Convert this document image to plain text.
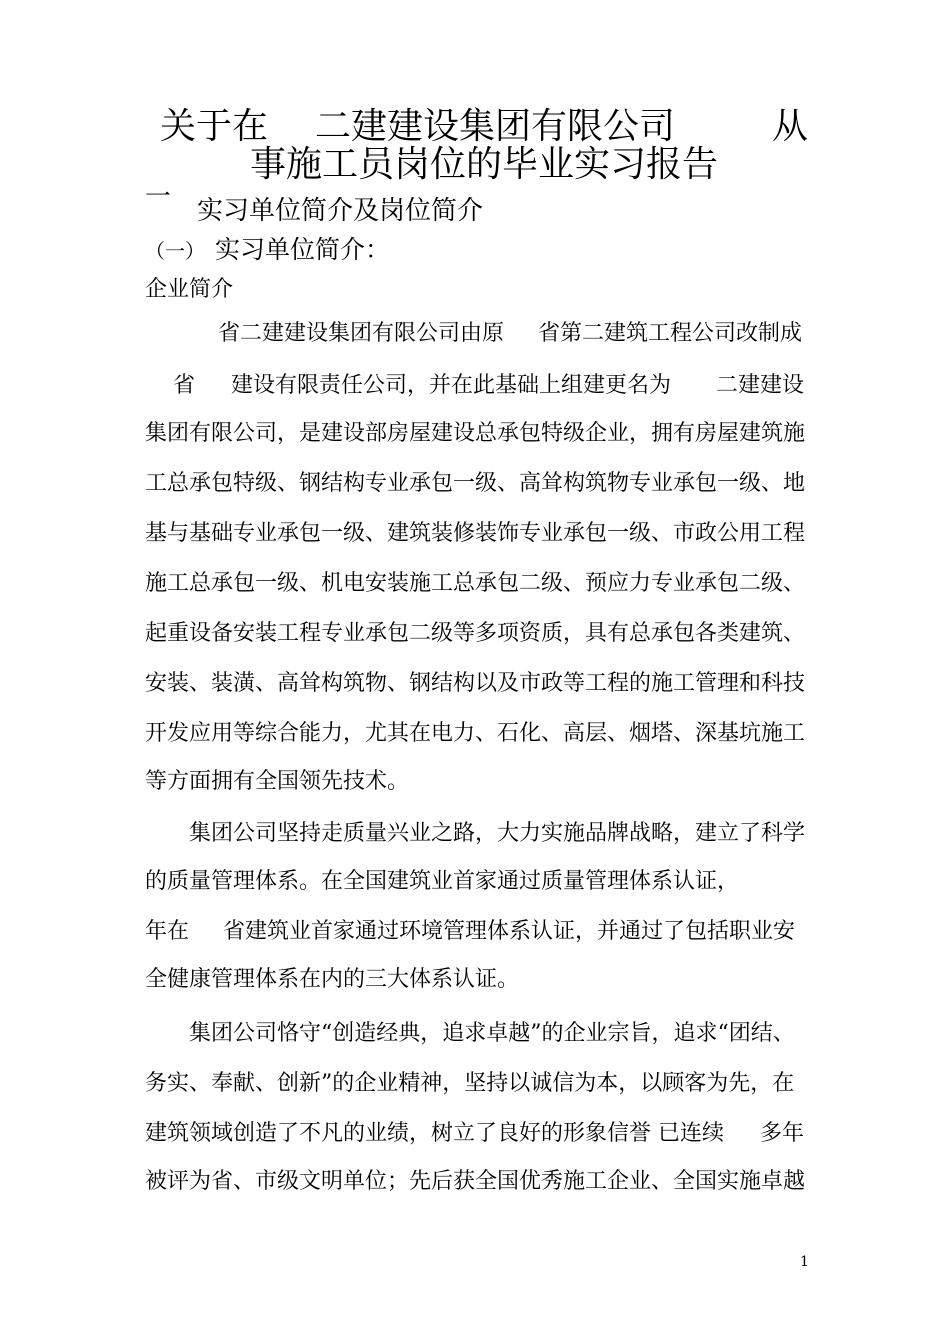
关于在 二建建设集团有限公司	从
事施工员岗位的毕业实习报告
一 实习单位简介及岗位简介
（一） 实习单位简介：
企业简介
省二建建设集团有限公司由原 省第二建筑工程公司改制成
省 建设有限责任公司，并在此基础上组建更名为 二建建设
集团有限公司，是建设部房屋建设总承包特级企业，拥有房屋建筑施
工总承包特级、钢结构专业承包一级、高耸构筑物专业承包一级、地
基与基础专业承包一级、建筑装修装饰专业承包一级、市政公用工程
施工总承包一级、机电安装施工总承包二级、预应力专业承包二级、
起重设备安装工程专业承包二级等多项资质，具有总承包各类建筑、
安装、装潢、高耸构筑物、钢结构以及市政等工程的施工管理和科技
开发应用等综合能力，尤其在电力、石化、高层、烟塔、深基坑施工
等方面拥有全国领先技术。
集团公司坚持走质量兴业之路，大力实施品牌战略，建立了科学
的质量管理体系。在全国建筑业首家通过质量管理体系认证，
年在 省建筑业首家通过环境管理体系认证，并通过了包括职业安
全健康管理体系在内的三大体系认证。
集团公司恪守“创造经典，追求卓越”的企业宗旨，追求“团结、
务实、奉献、创新”的企业精神，坚持以诚信为本，以顾客为先，在
建筑领域创造了不凡的业绩，树立了良好的形象信誉 已连续 多年
被评为省、市级文明单位；先后获全国优秀施工企业、全国实施卓越
1
